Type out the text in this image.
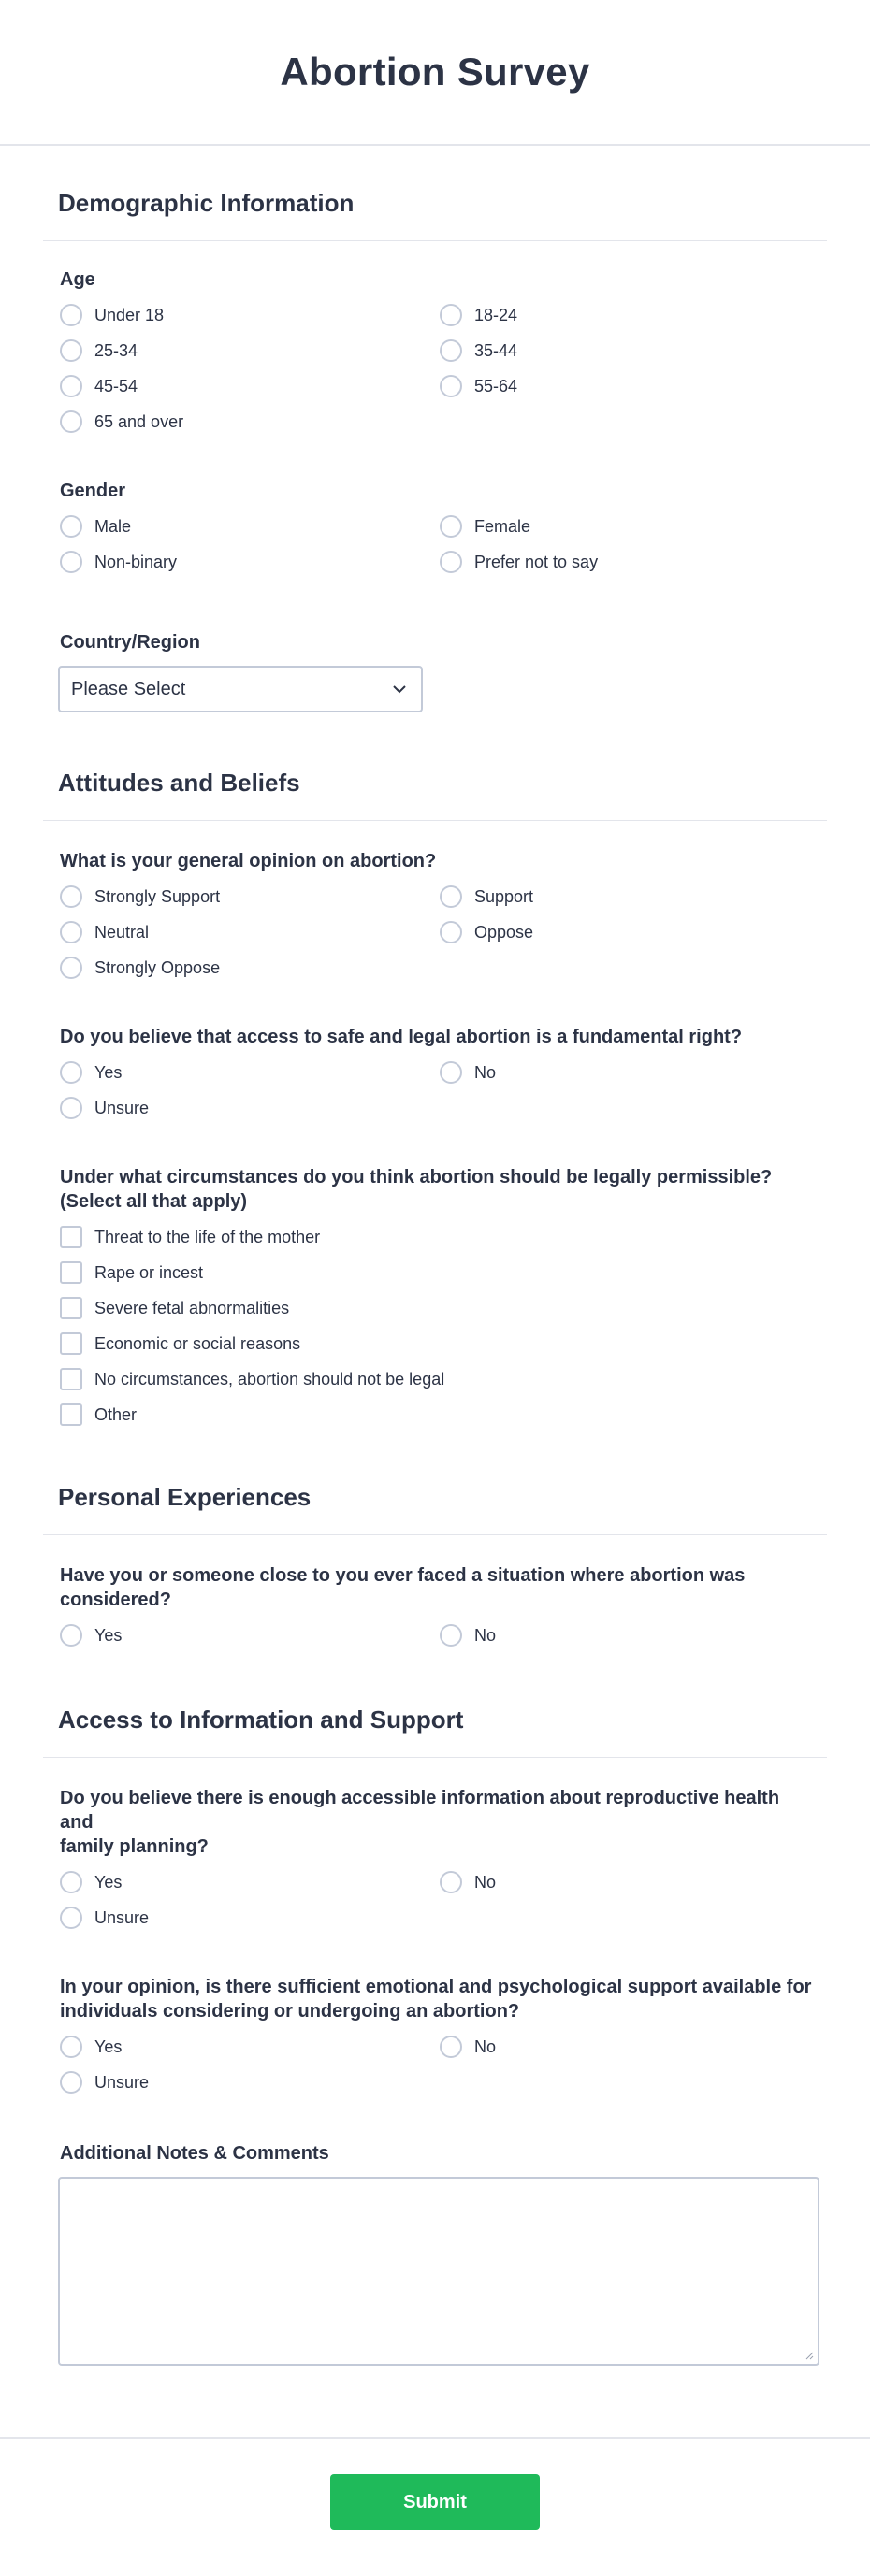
Abortion Survey
Demographic Information
Age
Under 18	18-24
25-34	35-44
45-54	55-64
65 and over
Gender
Male	Female
Non-binary	Prefer not to say
Country/Region
Please Select
Attitudes and Beliefs
What is your general opinion on abortion?
Strongly Support	Support
Neutral	Oppose
Strongly Oppose
Do you believe that access to safe and legal abortion is a fundamental right?
Yes	No
Unsure
Under what circumstances do you think abortion should be legally permissible?
(Select all that apply)
Threat to the life of the mother
Rape or incest
Severe fetal abnormalities
Economic or social reasons
No circumstances, abortion should not be legal
Other
Personal Experiences
Have you or someone close to you ever faced a situation where abortion was
considered?
Yes	No
Access to Information and Support
Do you believe there is enough accessible information about reproductive health and
family planning?
Yes	No
Unsure
In your opinion, is there sufficient emotional and psychological support available for
individuals considering or undergoing an abortion?
Yes	No
Unsure
Additional Notes & Comments
Submit
